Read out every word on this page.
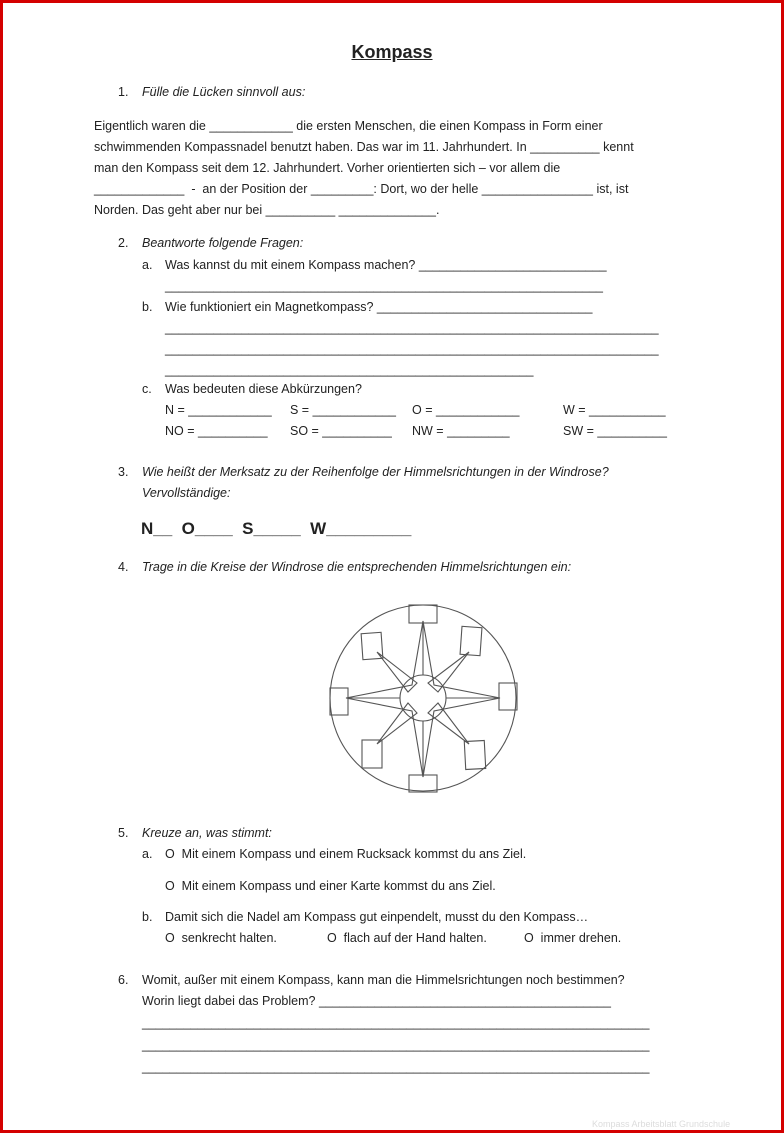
Kompass
1. Fülle die Lücken sinnvoll aus:
Eigentlich waren die ____________ die ersten Menschen, die einen Kompass in Form einer
schwimmenden Kompassnadel benutzt haben. Das war im 11. Jahrhundert. In __________ kennt
man den Kompass seit dem 12. Jahrhundert. Vorher orientierten sich – vor allem die
_____________  -  an der Position der _________: Dort, wo der helle ________________ ist, ist
Norden. Das geht aber nur bei __________ ______________.
2. Beantworte folgende Fragen:
a. Was kannst du mit einem Kompass machen? ___________________________
_______________________________________________________________
b. Wie funktioniert ein Magnetkompass? _______________________________
_______________________________________________________________________
_______________________________________________________________________
_____________________________________________________
c. Was bedeuten diese Abkürzungen?
N = ____________ S = ____________ O = ____________	W = ___________
NO = __________ SO = __________ NW = _________	SW = __________
3. Wie heißt der Merksatz zu der Reihenfolge der Himmelsrichtungen in der Windrose?
Vervollständige:
N__  O____  S_____  W_________
4. Trage in die Kreise der Windrose die entsprechenden Himmelsrichtungen ein:
5. Kreuze an, was stimmt:
a. O  Mit einem Kompass und einem Rucksack kommst du ans Ziel.
O  Mit einem Kompass und einer Karte kommst du ans Ziel.
b. Damit sich die Nadel am Kompass gut einpendelt, musst du den Kompass…
O  senkrecht halten.	O  flach auf der Hand halten.	O  immer drehen.
6. Womit, außer mit einem Kompass, kann man die Himmelsrichtungen noch bestimmen?
Worin liegt dabei das Problem? __________________________________________
_________________________________________________________________________
_________________________________________________________________________
_________________________________________________________________________
Kompass Arbeitsblatt Grundschule
